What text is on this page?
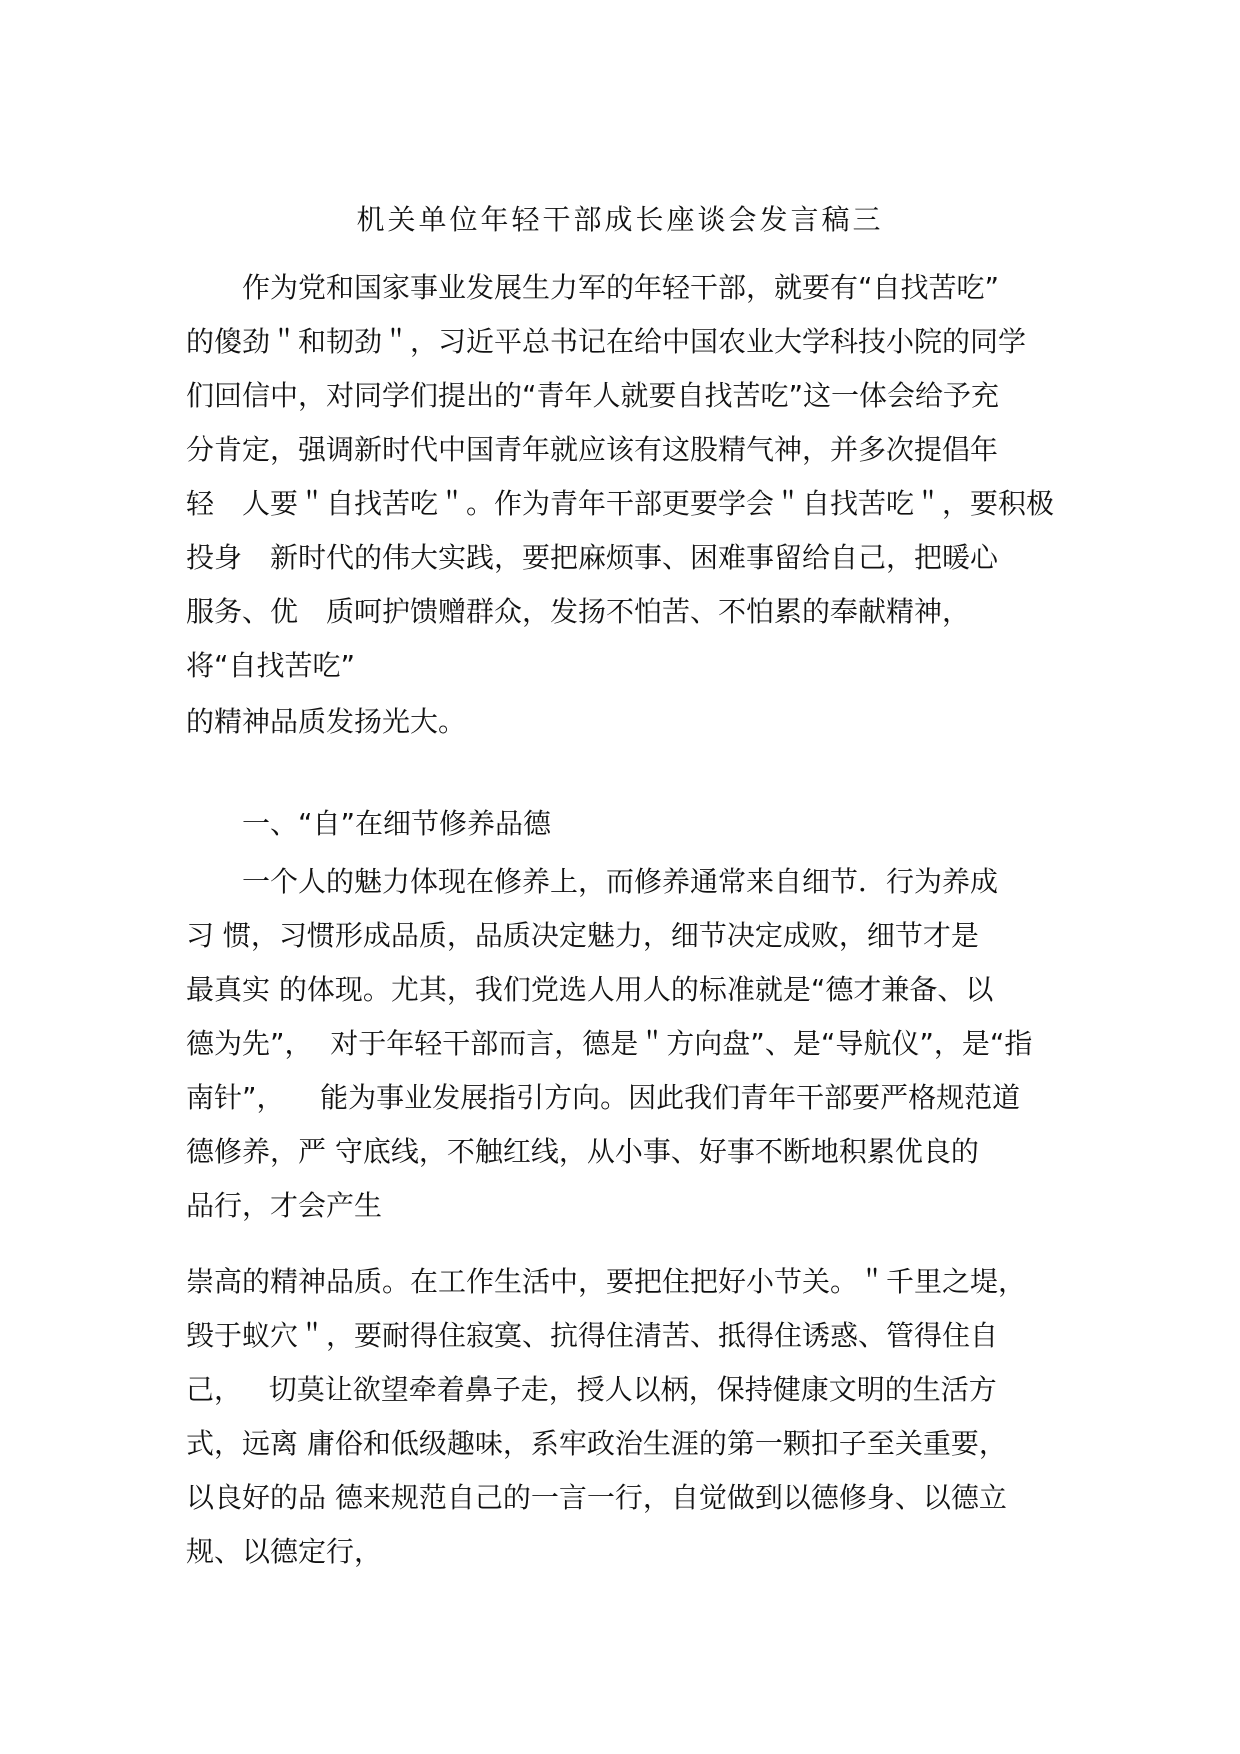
机关单位年轻干部成长座谈会发言稿三
　　作为党和国家事业发展生力军的年轻干部，就要有“自找苦吃”
的傻劲＂和韧劲＂，习近平总书记在给中国农业大学科技小院的同学
们回信中，对同学们提出的“青年人就要自找苦吃”这一体会给予充
分肯定，强调新时代中国青年就应该有这股精气神，并多次提倡年
轻　人要＂自找苦吃＂。作为青年干部更要学会＂自找苦吃＂，要积极
投身　新时代的伟大实践，要把麻烦事、困难事留给自己，把暖心
服务、优　质呵护馈赠群众，发扬不怕苦、不怕累的奉献精神，
将“自找苦吃”
的精神品质发扬光大。
　　一、“自”在细节修养品德
　　一个人的魅力体现在修养上，而修养通常来自细节．行为养成
习 惯，习惯形成品质，品质决定魅力，细节决定成败，细节才是
最真实 的体现。尤其，我们党选人用人的标准就是“德才兼备、以
德为先”，  对于年轻干部而言，德是＂方向盘”、是“导航仪”，是“指
南针”，    能为事业发展指引方向。因此我们青年干部要严格规范道
德修养，严 守底线，不触红线，从小事、好事不断地积累优良的
品行，才会产生
崇高的精神品质。在工作生活中，要把住把好小节关。＂千里之堤，
毁于蚁穴＂，要耐得住寂寞、抗得住清苦、抵得住诱惑、管得住自
己，   切莫让欲望牵着鼻子走，授人以柄，保持健康文明的生活方
式，远离 庸俗和低级趣味，系牢政治生涯的第一颗扣子至关重要，
以良好的品 德来规范自己的一言一行，自觉做到以德修身、以德立
规、以德定行，
